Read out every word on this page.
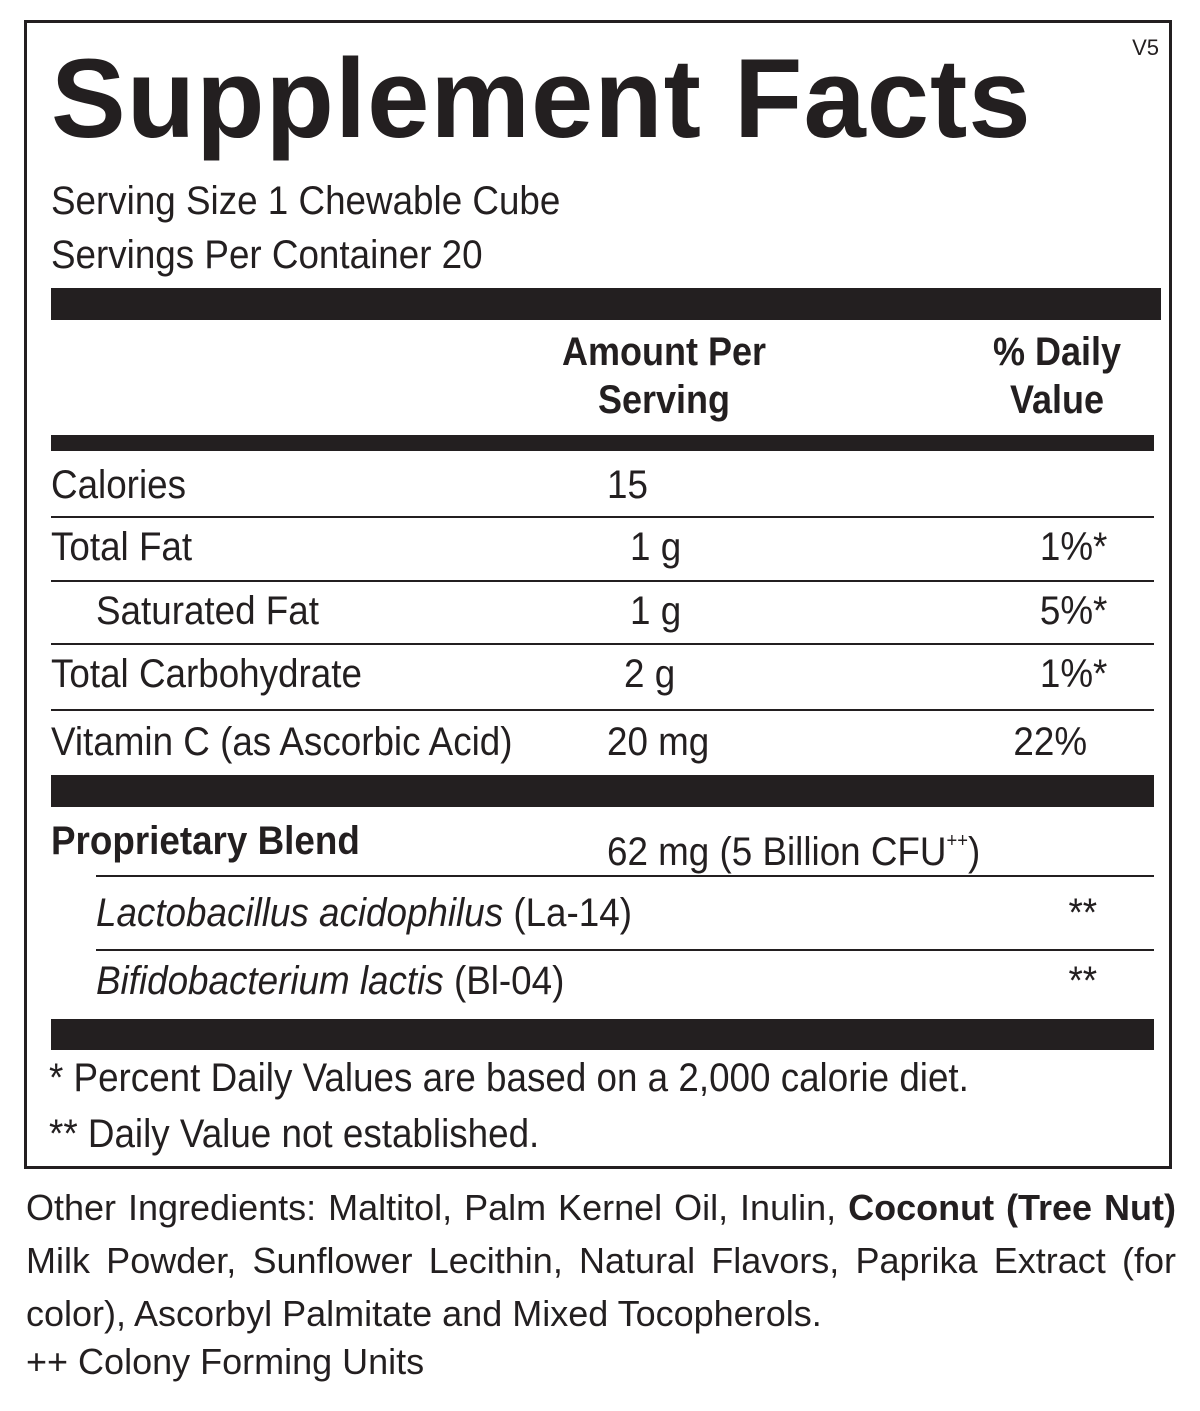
V5
Supplement Facts
Serving Size 1 Chewable Cube
Servings Per Container 20
Amount Per
Serving
% Daily
Value
Calories	15
Total Fat	1 g	1%*
Saturated Fat	1 g	5%*
Total Carbohydrate	2 g	1%*
Vitamin C (as Ascorbic Acid) 20 mg	22%
Proprietary Blend	62 mg (5 Billion CFU++)
Lactobacillus acidophilus (La-14)	**
Bifidobacterium lactis (Bl-04)	**
* Percent Daily Values are based on a 2,000 calorie diet.
** Daily Value not established.
Other Ingredients: Maltitol, Palm Kernel Oil, Inulin, Coconut (Tree Nut) Milk Powder, Sunflower Lecithin, Natural Flavors, Paprika Extract (for color), Ascorbyl Palmitate and Mixed Tocopherols.
++ Colony Forming Units
